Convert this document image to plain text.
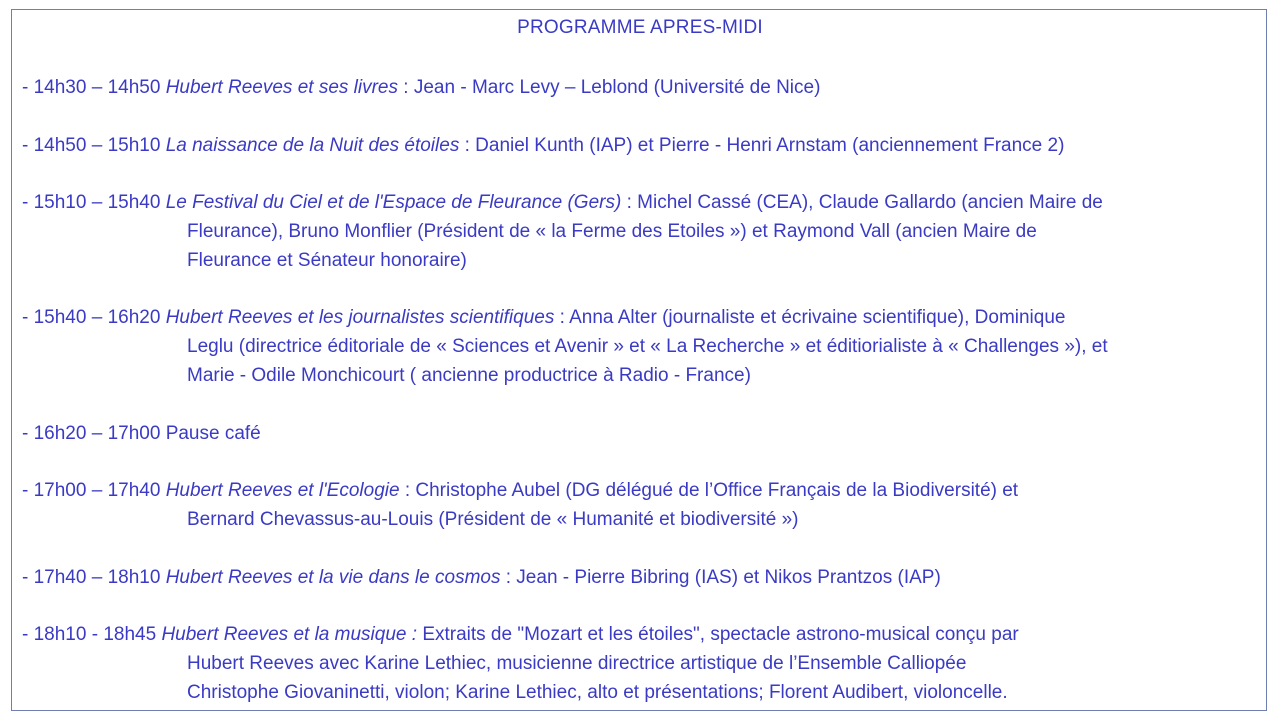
PROGRAMME APRES-MIDI
- 14h30 – 14h50 Hubert Reeves et ses livres : Jean - Marc Levy – Leblond (Université de Nice)
- 14h50 – 15h10 La naissance de la Nuit des étoiles : Daniel Kunth (IAP) et Pierre - Henri Arnstam (anciennement France 2)
- 15h10 – 15h40 Le Festival du Ciel et de l'Espace de Fleurance (Gers) : Michel Cassé (CEA), Claude Gallardo (ancien Maire de
Fleurance), Bruno Monflier (Président de « la Ferme des Etoiles ») et Raymond Vall (ancien Maire de
Fleurance et Sénateur honoraire)
- 15h40 – 16h20 Hubert Reeves et les journalistes scientifiques : Anna Alter (journaliste et écrivaine scientifique), Dominique
Leglu (directrice éditoriale de « Sciences et Avenir » et « La Recherche » et éditiorialiste à « Challenges »), et
Marie - Odile Monchicourt ( ancienne productrice à Radio - France)
- 16h20 – 17h00 Pause café
- 17h00 – 17h40 Hubert Reeves et l'Ecologie : Christophe Aubel (DG délégué de l’Office Français de la Biodiversité) et
Bernard Chevassus-au-Louis (Président de « Humanité et biodiversité »)
- 17h40 – 18h10 Hubert Reeves et la vie dans le cosmos : Jean - Pierre Bibring (IAS) et Nikos Prantzos (IAP)
- 18h10 - 18h45 Hubert Reeves et la musique : Extraits de "Mozart et les étoiles", spectacle astrono-musical conçu par
Hubert Reeves avec Karine Lethiec, musicienne directrice artistique de l’Ensemble Calliopée
Christophe Giovaninetti, violon; Karine Lethiec, alto et présentations; Florent Audibert, violoncelle.
